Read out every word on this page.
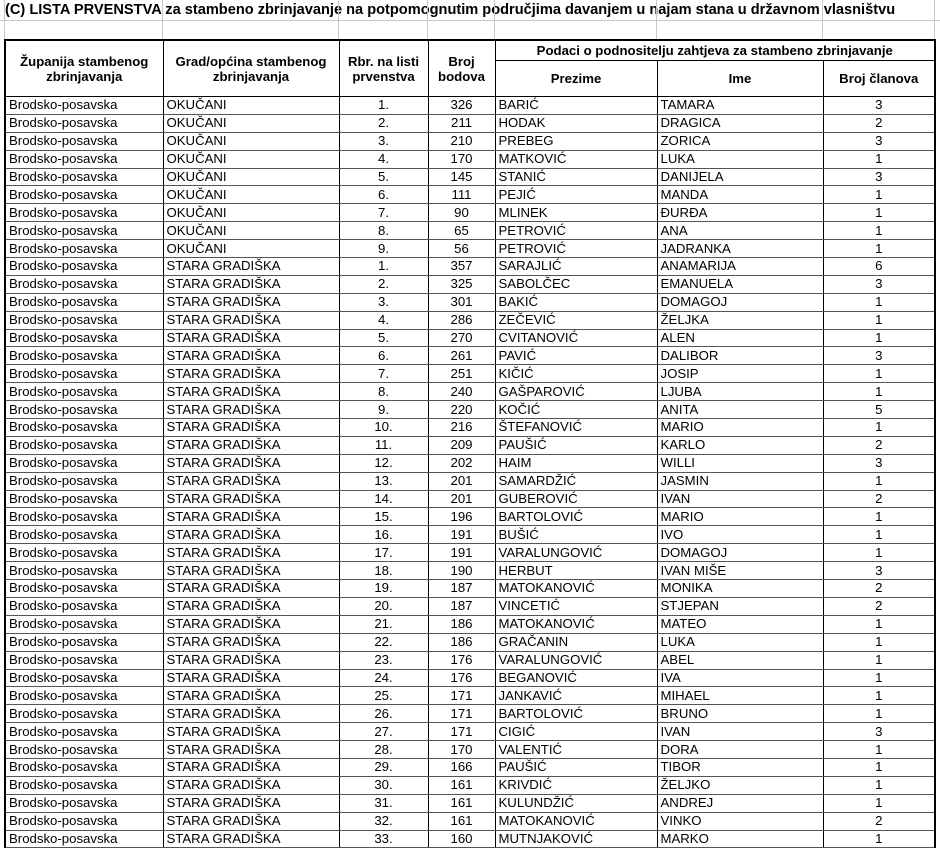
(C) LISTA PRVENSTVA za stambeno zbrinjavanje na potpomognutim područjima davanjem u najam stana u državnom vlasništvu
Županija stambenog zbrinjavanja	Grad/općina stambenog zbrinjavanja	Rbr. na listi prvenstva	Broj bodova	Podaci o podnositelju zahtjeva za stambeno zbrinjavanje		
				Prezime	Ime	Broj članova
Brodsko-posavska	OKUČANI	1.	326	BARIĆ	TAMARA	3
Brodsko-posavska	OKUČANI	2.	211	HODAK	DRAGICA	2
Brodsko-posavska	OKUČANI	3.	210	PREBEG	ZORICA	3
Brodsko-posavska	OKUČANI	4.	170	MATKOVIĆ	LUKA	1
Brodsko-posavska	OKUČANI	5.	145	STANIĆ	DANIJELA	3
Brodsko-posavska	OKUČANI	6.	111	PEJIĆ	MANDA	1
Brodsko-posavska	OKUČANI	7.	90	MLINEK	ĐURĐA	1
Brodsko-posavska	OKUČANI	8.	65	PETROVIĆ	ANA	1
Brodsko-posavska	OKUČANI	9.	56	PETROVIĆ	JADRANKA	1
Brodsko-posavska	STARA GRADIŠKA	1.	357	SARAJLIĆ	ANAMARIJA	6
Brodsko-posavska	STARA GRADIŠKA	2.	325	SABOLČEC	EMANUELA	3
Brodsko-posavska	STARA GRADIŠKA	3.	301	BAKIĆ	DOMAGOJ	1
Brodsko-posavska	STARA GRADIŠKA	4.	286	ZEČEVIĆ	ŽELJKA	1
Brodsko-posavska	STARA GRADIŠKA	5.	270	CVITANOVIĆ	ALEN	1
Brodsko-posavska	STARA GRADIŠKA	6.	261	PAVIĆ	DALIBOR	3
Brodsko-posavska	STARA GRADIŠKA	7.	251	KIČIĆ	JOSIP	1
Brodsko-posavska	STARA GRADIŠKA	8.	240	GAŠPAROVIĆ	LJUBA	1
Brodsko-posavska	STARA GRADIŠKA	9.	220	KOČIĆ	ANITA	5
Brodsko-posavska	STARA GRADIŠKA	10.	216	ŠTEFANOVIĆ	MARIO	1
Brodsko-posavska	STARA GRADIŠKA	11.	209	PAUŠIĆ	KARLO	2
Brodsko-posavska	STARA GRADIŠKA	12.	202	HAIM	WILLI	3
Brodsko-posavska	STARA GRADIŠKA	13.	201	SAMARDŽIĆ	JASMIN	1
Brodsko-posavska	STARA GRADIŠKA	14.	201	GUBEROVIĆ	IVAN	2
Brodsko-posavska	STARA GRADIŠKA	15.	196	BARTOLOVIĆ	MARIO	1
Brodsko-posavska	STARA GRADIŠKA	16.	191	BUŠIĆ	IVO	1
Brodsko-posavska	STARA GRADIŠKA	17.	191	VARALUNGOVIĆ	DOMAGOJ	1
Brodsko-posavska	STARA GRADIŠKA	18.	190	HERBUT	IVAN MIŠE	3
Brodsko-posavska	STARA GRADIŠKA	19.	187	MATOKANOVIĆ	MONIKA	2
Brodsko-posavska	STARA GRADIŠKA	20.	187	VINCETIĆ	STJEPAN	2
Brodsko-posavska	STARA GRADIŠKA	21.	186	MATOKANOVIĆ	MATEO	1
Brodsko-posavska	STARA GRADIŠKA	22.	186	GRAČANIN	LUKA	1
Brodsko-posavska	STARA GRADIŠKA	23.	176	VARALUNGOVIĆ	ABEL	1
Brodsko-posavska	STARA GRADIŠKA	24.	176	BEGANOVIĆ	IVA	1
Brodsko-posavska	STARA GRADIŠKA	25.	171	JANKAVIĆ	MIHAEL	1
Brodsko-posavska	STARA GRADIŠKA	26.	171	BARTOLOVIĆ	BRUNO	1
Brodsko-posavska	STARA GRADIŠKA	27.	171	CIGIĆ	IVAN	3
Brodsko-posavska	STARA GRADIŠKA	28.	170	VALENTIĆ	DORA	1
Brodsko-posavska	STARA GRADIŠKA	29.	166	PAUŠIĆ	TIBOR	1
Brodsko-posavska	STARA GRADIŠKA	30.	161	KRIVDIĆ	ŽELJKO	1
Brodsko-posavska	STARA GRADIŠKA	31.	161	KULUNDŽIĆ	ANDREJ	1
Brodsko-posavska	STARA GRADIŠKA	32.	161	MATOKANOVIĆ	VINKO	2
Brodsko-posavska	STARA GRADIŠKA	33.	160	MUTNJAKOVIĆ	MARKO	1
